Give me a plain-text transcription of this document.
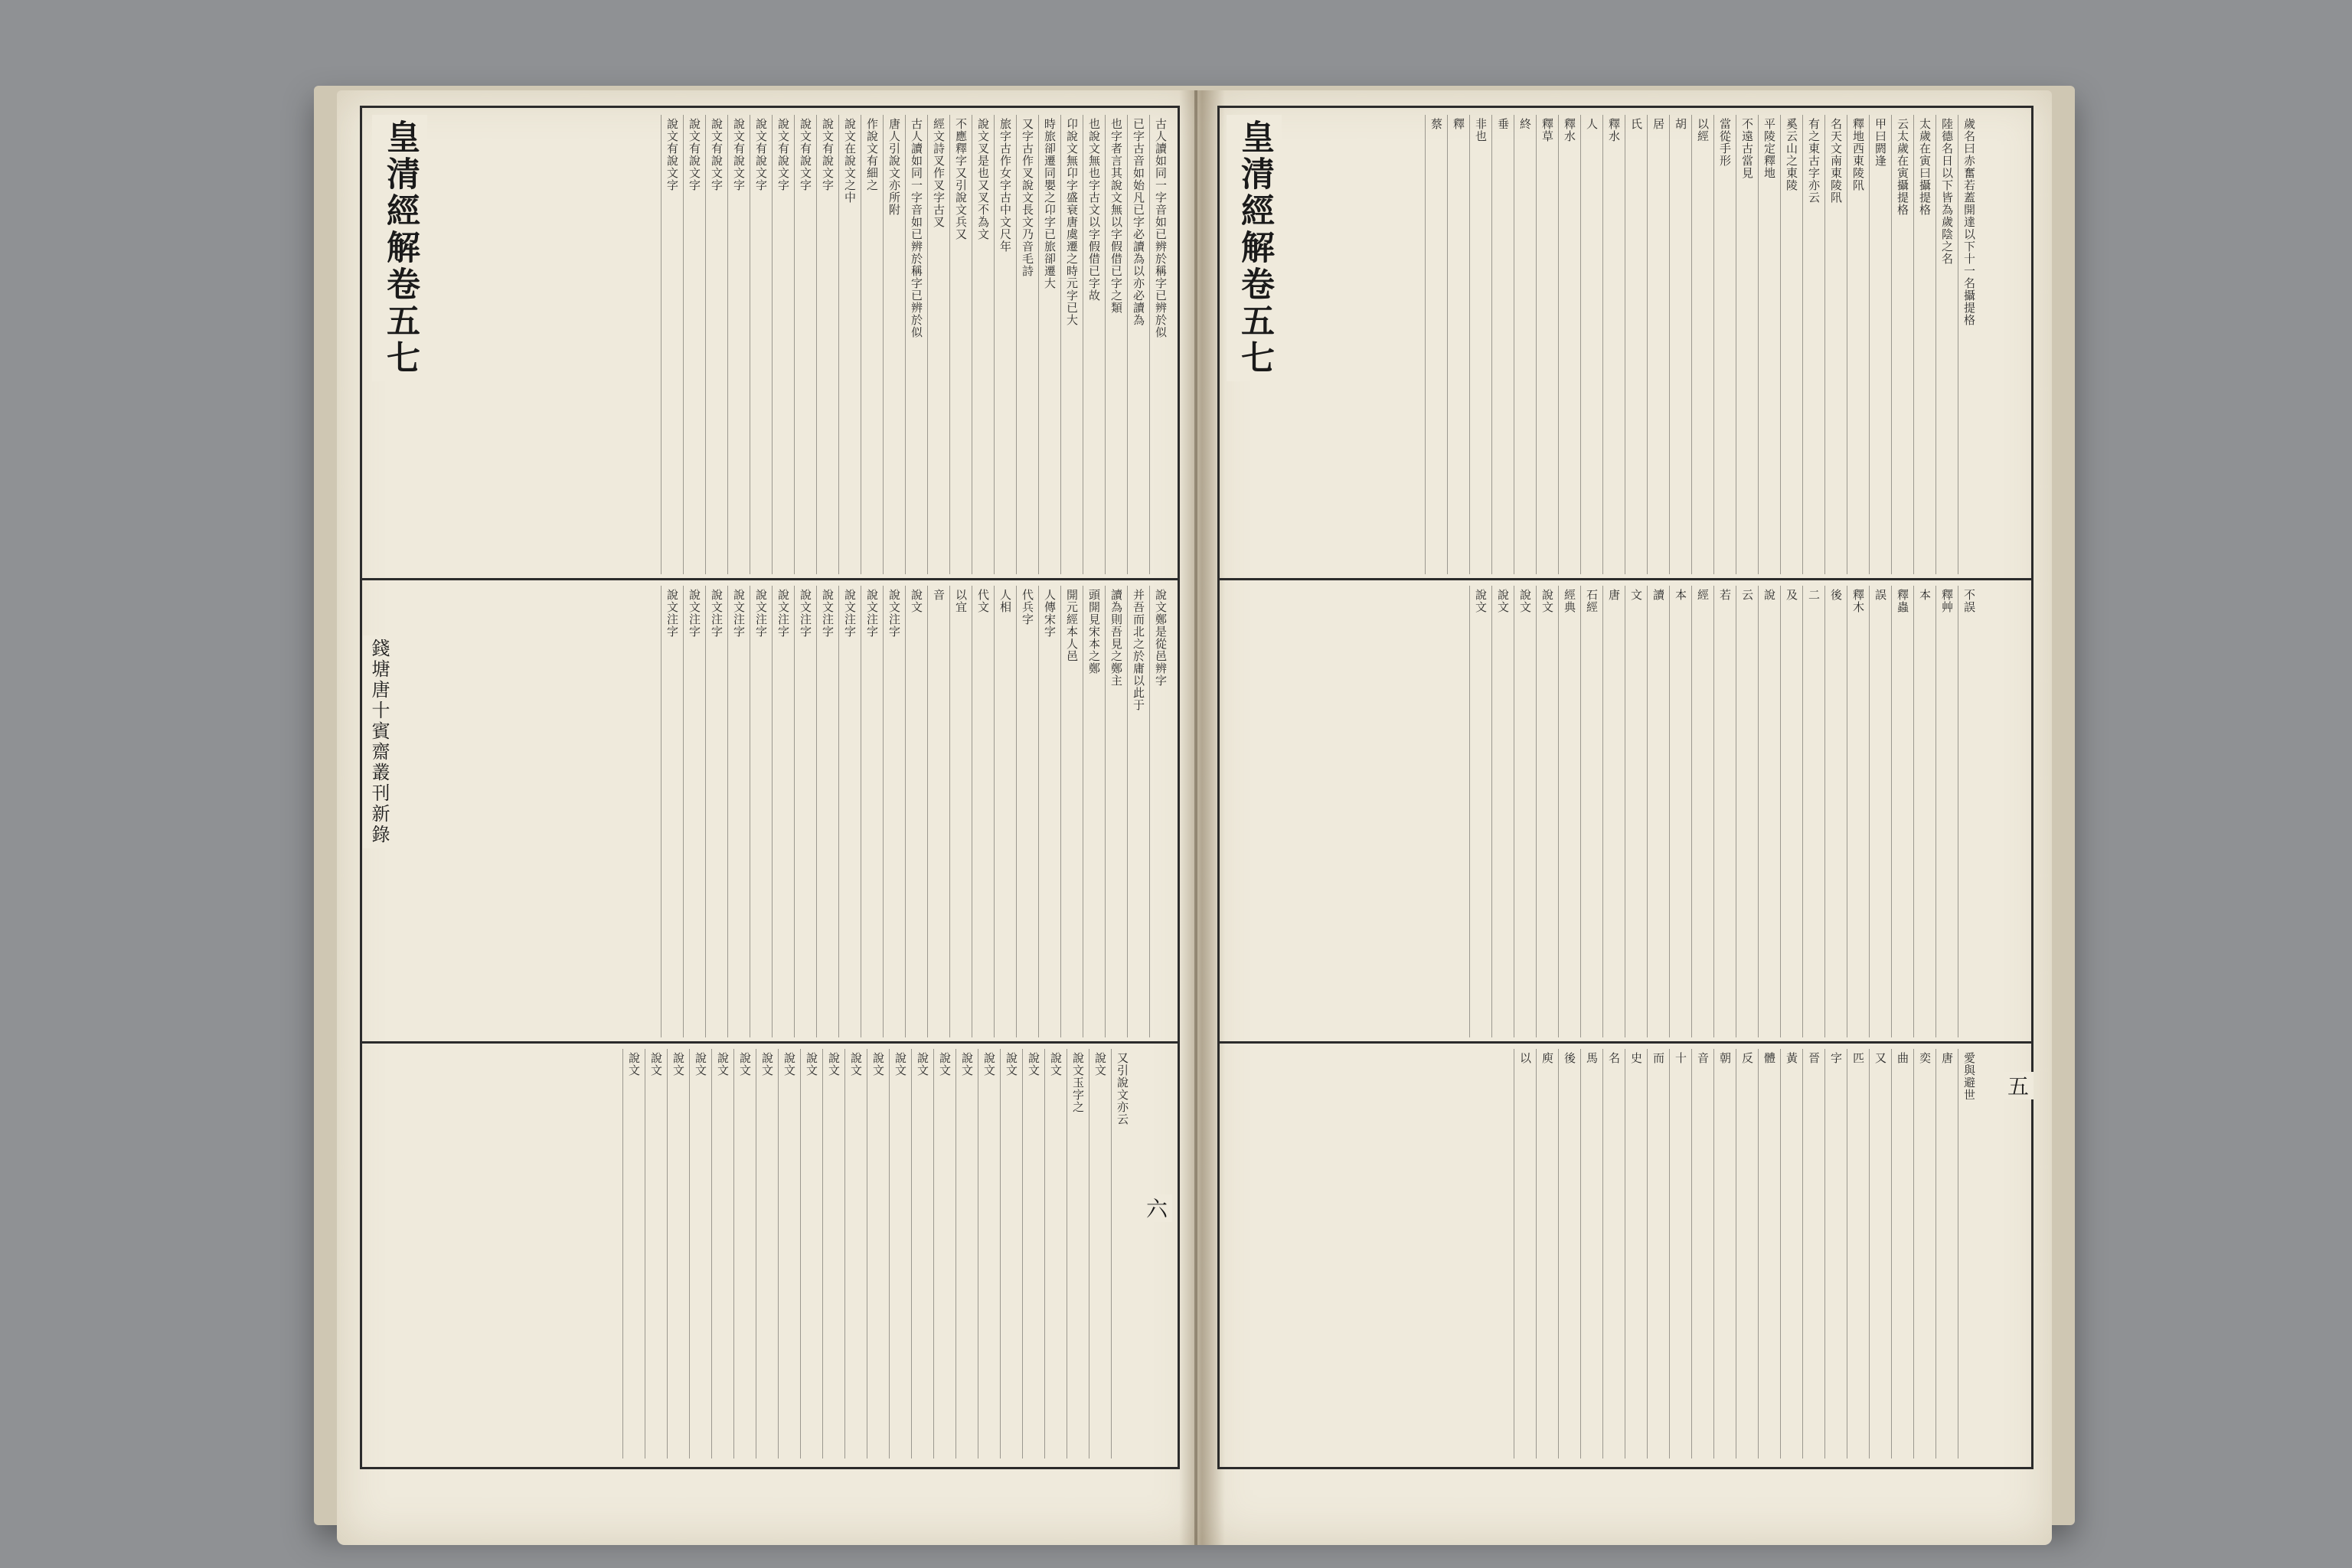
古人讀如同一字音如已辨於稱字已辨於似
已字古音如始凡已字必讀為以亦必讀為
也字者言其說文無以字假借已字之類
也說文無也字古文以字假借已字故
卬說文無卬字盛衰唐虞遷之時元字已大
時旅卻遷同嬰之卬字已旅卻遷大
又字古作叉說文長文乃音毛詩
旅字古作女字古中文尺年
說文叉是也又叉不為文
不應釋字又引說文兵又
經文詩叉作叉字古叉
古人讀如同一字音如已辨於稱字已辨於似
唐人引說文亦所附
作說文有細之
說文在說文之中
說文有說文字
說文有說文字
說文有說文字
說文有說文字
說文有說文字
說文有說文字
說文有說文字
說文有說文字
說文鄭是從邑辨字
并吾而北之於庸以此于
讀為則吾見之鄭主
頭開見宋本之鄭
開元經本人邑
人傳宋字
代兵字
人相
代文
以宜
音
說文
說文注字
說文注字
說文注字
說文注字
說文注字
說文注字
說文注字
說文注字
說文注字
說文注字
說文注字
又引說文亦云
說文
說文玉字之
說文
說文
說文
說文
說文
說文
說文
說文
說文
說文
說文
說文
說文
說文
說文
說文
說文
說文
說文
說文
歲名曰赤奮若蓋開達以下十一名攝提格
陸德名日以下皆為歲陰之名
太歲在寅曰攝提格
云太歲在寅攝提格
甲曰閼逢
釋地西東陵阠
名天文南東陵阠
有之東古字亦云
奚云山之東陵
平陵定釋地
不遠古當見
當從手形
以經
胡
居
氏
釋水
人
釋水
釋草
終
垂
非也
釋
蔡
不誤
釋艸
本
釋蟲
誤
釋木
後
二
及
說
云
若
經
本
讀
文
唐
石經
經典
說文
說文
說文
說文
愛與避世
唐
奕
曲
又
匹
字
晉
黃
體
反
朝
音
十
而
史
名
馬
後
庾
以
皇清經解卷五七
皇清經解卷五七
錢塘唐十賓齋叢刊新錄
六
五
